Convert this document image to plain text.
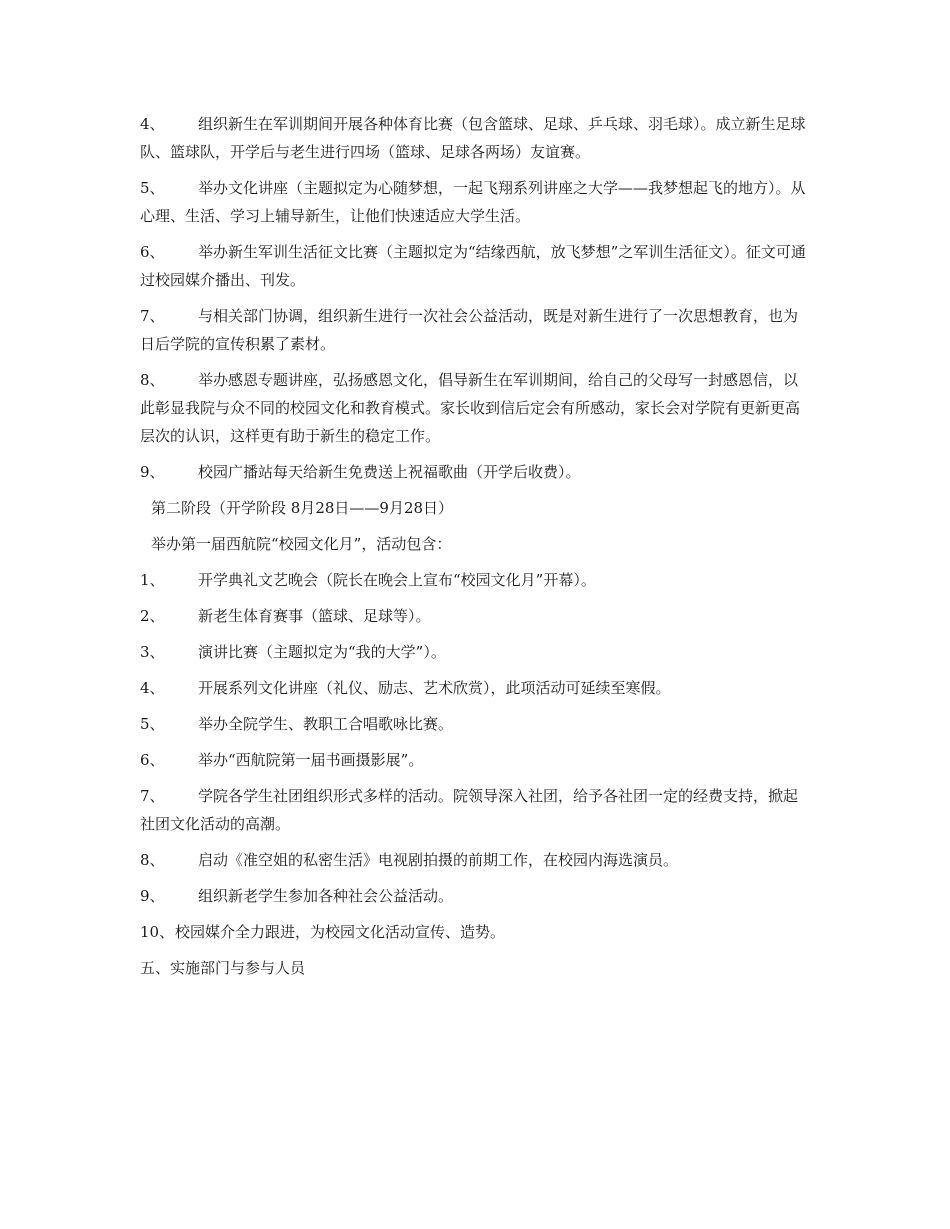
4、 组织新生在军训期间开展各种体育比赛（包含篮球、足球、乒乓球、羽毛球）。成立新生足球队、篮球队，开学后与老生进行四场（篮球、足球各两场）友谊赛。

5、 举办文化讲座（主题拟定为心随梦想，一起飞翔系列讲座之大学——我梦想起飞的地方）。从心理、生活、学习上辅导新生，让他们快速适应大学生活。

6、 举办新生军训生活征文比赛（主题拟定为“结缘西航，放飞梦想”之军训生活征文）。征文可通过校园媒介播出、刊发。

7、 与相关部门协调，组织新生进行一次社会公益活动，既是对新生进行了一次思想教育，也为日后学院的宣传积累了素材。

8、 举办感恩专题讲座，弘扬感恩文化，倡导新生在军训期间，给自己的父母写一封感恩信，以此彰显我院与众不同的校园文化和教育模式。家长收到信后定会有所感动，家长会对学院有更新更高层次的认识，这样更有助于新生的稳定工作。

9、 校园广播站每天给新生免费送上祝福歌曲（开学后收费）。

第二阶段（开学阶段 8月28日——9月28日）

举办第一届西航院“校园文化月”，活动包含：

1、 开学典礼文艺晚会（院长在晚会上宣布“校园文化月”开幕）。

2、 新老生体育赛事（篮球、足球等）。

3、 演讲比赛（主题拟定为“我的大学”）。

4、 开展系列文化讲座（礼仪、励志、艺术欣赏），此项活动可延续至寒假。

5、 举办全院学生、教职工合唱歌咏比赛。

6、 举办“西航院第一届书画摄影展”。

7、 学院各学生社团组织形式多样的活动。院领导深入社团，给予各社团一定的经费支持，掀起社团文化活动的高潮。

8、 启动《准空姐的私密生活》电视剧拍摄的前期工作，在校园内海选演员。

9、 组织新老学生参加各种社会公益活动。

10、校园媒介全力跟进，为校园文化活动宣传、造势。

五、实施部门与参与人员
